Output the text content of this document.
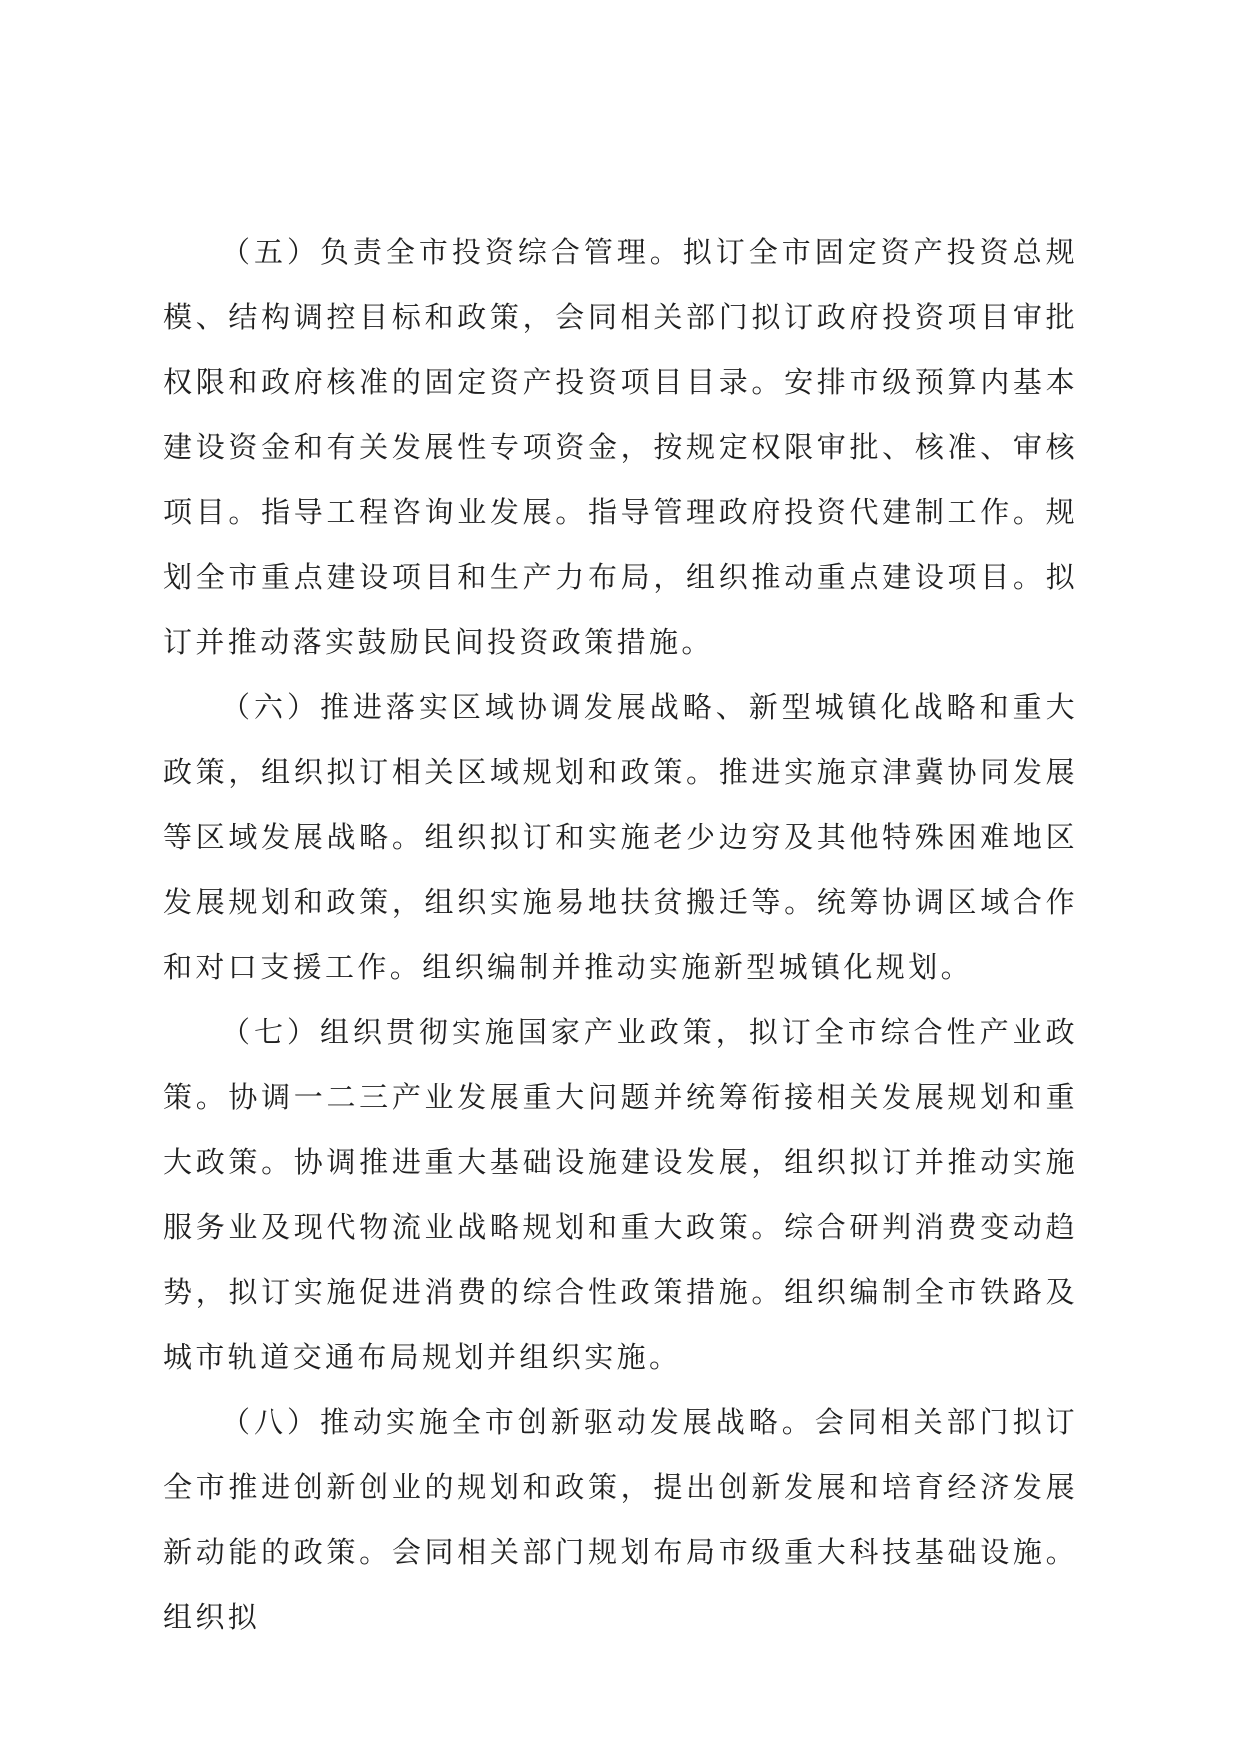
（五）负责全市投资综合管理。拟订全市固定资产投资总规模、结构调控目标和政策，会同相关部门拟订政府投资项目审批权限和政府核准的固定资产投资项目目录。安排市级预算内基本建设资金和有关发展性专项资金，按规定权限审批、核准、审核项目。指导工程咨询业发展。指导管理政府投资代建制工作。规划全市重点建设项目和生产力布局，组织推动重点建设项目。拟订并推动落实鼓励民间投资政策措施。

（六）推进落实区域协调发展战略、新型城镇化战略和重大政策，组织拟订相关区域规划和政策。推进实施京津冀协同发展等区域发展战略。组织拟订和实施老少边穷及其他特殊困难地区发展规划和政策，组织实施易地扶贫搬迁等。统筹协调区域合作和对口支援工作。组织编制并推动实施新型城镇化规划。

（七）组织贯彻实施国家产业政策，拟订全市综合性产业政策。协调一二三产业发展重大问题并统筹衔接相关发展规划和重大政策。协调推进重大基础设施建设发展，组织拟订并推动实施服务业及现代物流业战略规划和重大政策。综合研判消费变动趋势，拟订实施促进消费的综合性政策措施。组织编制全市铁路及城市轨道交通布局规划并组织实施。

（八）推动实施全市创新驱动发展战略。会同相关部门拟订全市推进创新创业的规划和政策，提出创新发展和培育经济发展新动能的政策。会同相关部门规划布局市级重大科技基础设施。组织拟
